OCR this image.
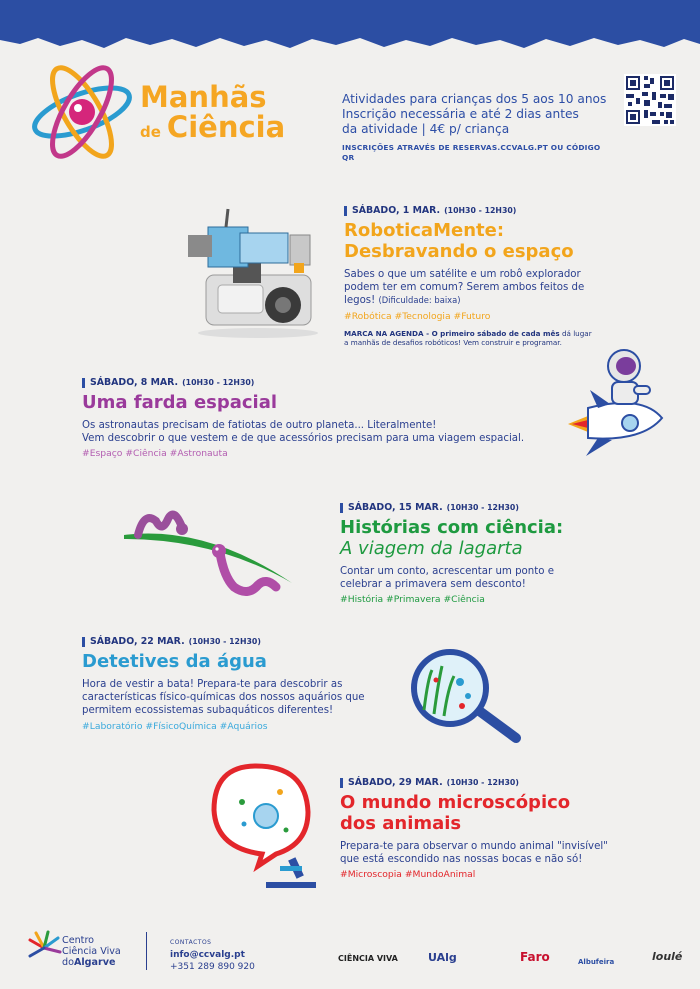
Manhãs
de Ciência
Atividades para crianças dos 5 aos 10 anos
Inscrição necessária e até 2 dias antes
da atividade | 4€ p/ criança
INSCRIÇÕES ATRAVÉS DE RESERVAS.CCVALG.PT OU CÓDIGO QR
SÁBADO, 1 MAR. (10H30 - 12H30)
RoboticaMente:
Desbravando o espaço
Sabes o que um satélite e um robô explorador podem ter em comum? Serem ambos feitos de legos! (Dificuldade: baixa)
#Robótica #Tecnologia #Futuro
MARCA NA AGENDA - O primeiro sábado de cada mês dá lugar a manhãs de desafios robóticos! Vem construir e programar.
SÁBADO, 8 MAR. (10H30 - 12H30)
Uma farda espacial
Os astronautas precisam de fatiotas de outro planeta... Literalmente!
Vem descobrir o que vestem e de que acessórios precisam para uma viagem espacial.
#Espaço #Ciência #Astronauta
SÁBADO, 15 MAR. (10H30 - 12H30)
Histórias com ciência:
A viagem da lagarta
Contar um conto, acrescentar um ponto e celebrar a primavera sem desconto!
#História #Primavera #Ciência
SÁBADO, 22 MAR. (10H30 - 12H30)
Detetives da água
Hora de vestir a bata! Prepara-te para descobrir as características físico-químicas dos nossos aquários que permitem ecossistemas subaquáticos diferentes!
#Laboratório #FísicoQuímica #Aquários
SÁBADO, 29 MAR. (10H30 - 12H30)
O mundo microscópico
dos animais
Prepara-te para observar o mundo animal "invisível" que está escondido nas nossas bocas e não só!
#Microscopia #MundoAnimal
Centro
Ciência Viva
doAlgarve
CONTACTOS
info@ccvalg.pt
+351 289 890 920
CIÊNCIA VIVA	UAlg	Faro	Albufeira	loulé
